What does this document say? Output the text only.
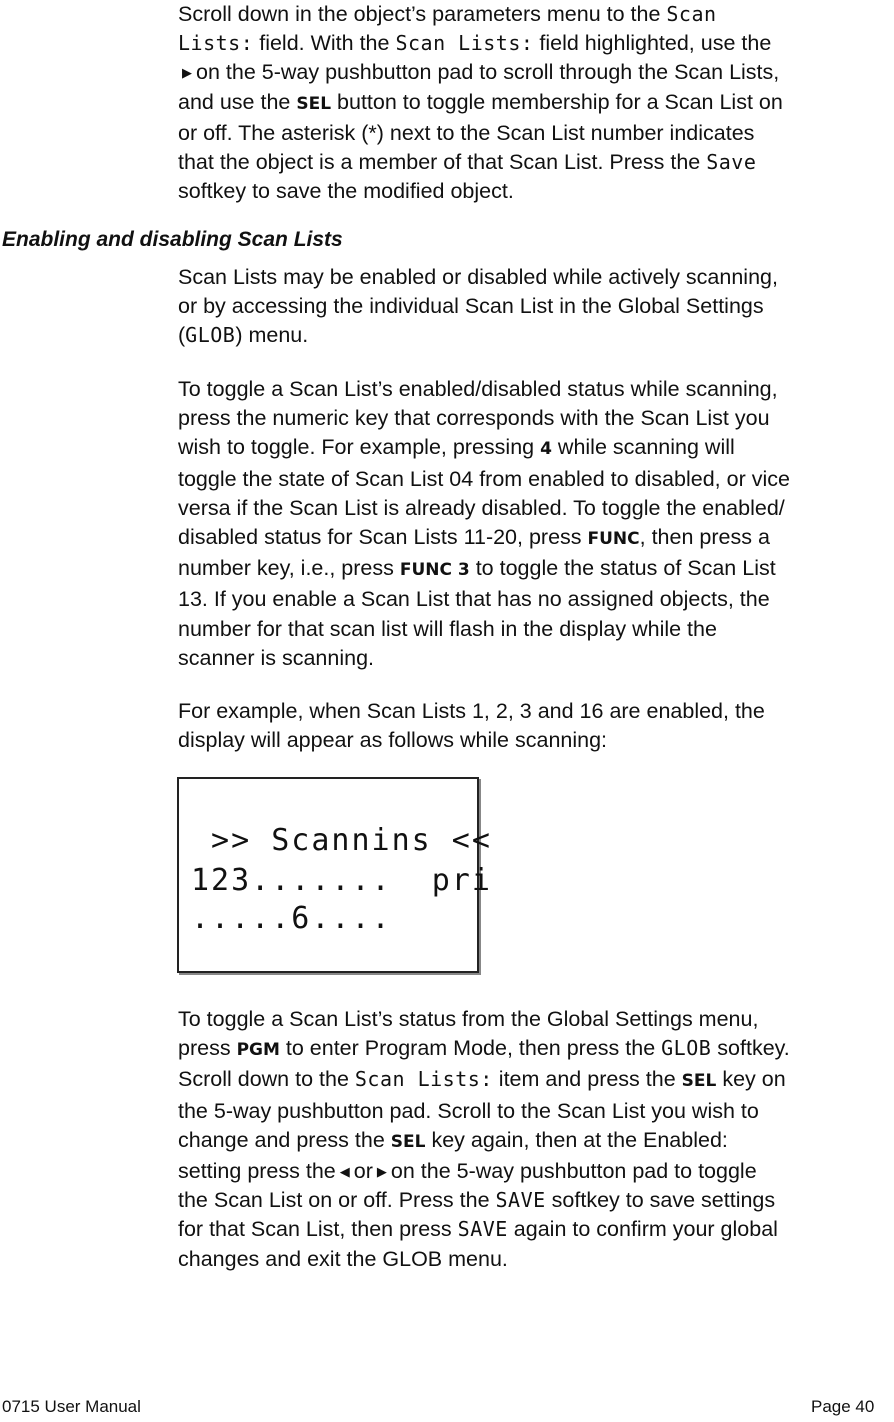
Scroll down in the object’s parameters menu to the Scan
Lists: field. With the Scan Lists: field highlighted, use the
▶ on the 5-way pushbutton pad to scroll through the Scan Lists,
and use the SEL button to toggle membership for a Scan List on
or off. The asterisk (*) next to the Scan List number indicates
that the object is a member of that Scan List. Press the Save
softkey to save the modified object.
Enabling and disabling Scan Lists
Scan Lists may be enabled or disabled while actively scanning,
or by accessing the individual Scan List in the Global Settings
(GLOB) menu.
To toggle a Scan List’s enabled/disabled status while scanning,
press the numeric key that corresponds with the Scan List you
wish to toggle. For example, pressing 4 while scanning will
toggle the state of Scan List 04 from enabled to disabled, or vice
versa if the Scan List is already disabled. To toggle the enabled/
disabled status for Scan Lists 11-20, press FUNC, then press a
number key, i.e., press FUNC 3 to toggle the status of Scan List
13. If you enable a Scan List that has no assigned objects, the
number for that scan list will flash in the display while the
scanner is scanning.
For example, when Scan Lists 1, 2, 3 and 16 are enabled, the
display will appear as follows while scanning:
>> Scannins <<
123.......  pri
.....6....
To toggle a Scan List’s status from the Global Settings menu,
press PGM to enter Program Mode, then press the GLOB softkey.
Scroll down to the Scan Lists: item and press the SEL key on
the 5-way pushbutton pad. Scroll to the Scan List you wish to
change and press the SEL key again, then at the Enabled:
setting press the ◀ or ▶ on the 5-way pushbutton pad to toggle
the Scan List on or off. Press the SAVE softkey to save settings
for that Scan List, then press SAVE again to confirm your global
changes and exit the GLOB menu.
0715 User Manual	Page 40
